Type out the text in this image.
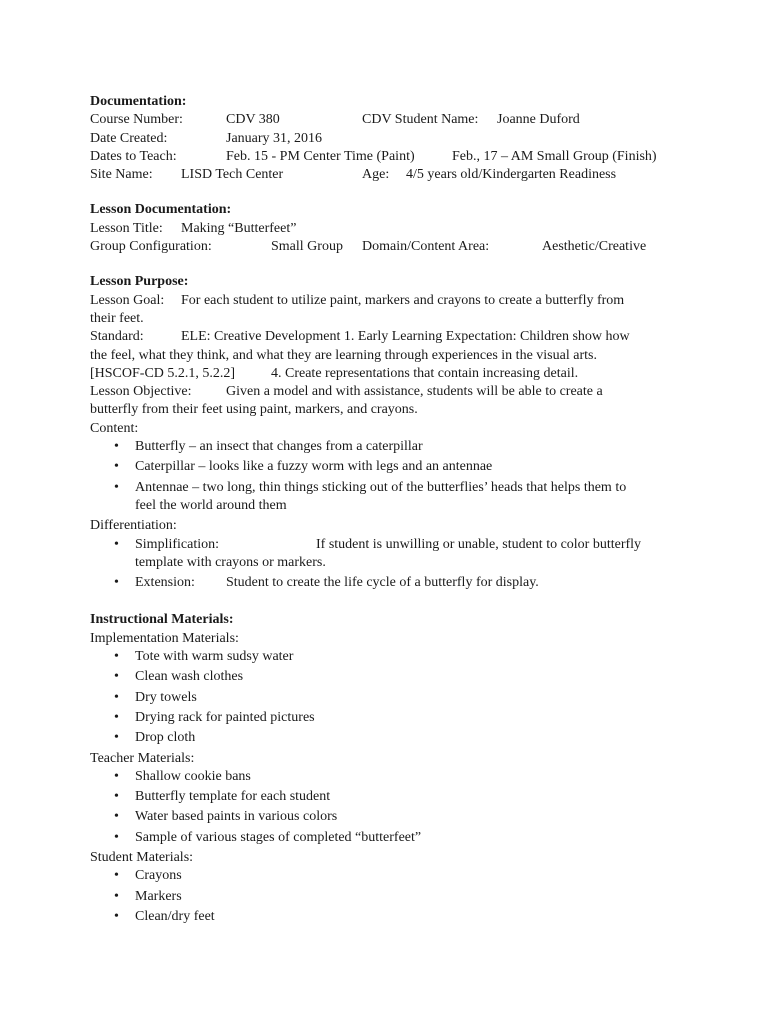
Documentation:
Course Number:	CDV 380	CDV Student Name: Joanne Duford
Date Created:	January 31, 2016
Dates to Teach:	Feb. 15 - PM Center Time (Paint)	Feb., 17 – AM Small Group (Finish)
Site Name: LISD Tech Center	Age: 4/5 years old/Kindergarten Readiness
Lesson Documentation:
Lesson Title: Making “Butterfeet”
Group Configuration:	Small Group Domain/Content Area:	Aesthetic/Creative
Lesson Purpose:
Lesson Goal: For each student to utilize paint, markers and crayons to create a butterfly from
their feet.
Standard:	ELE: Creative Development 1. Early Learning Expectation: Children show how
the feel, what they think, and what they are learning through experiences in the visual arts.
[HSCOF-CD 5.2.1, 5.2.2]	4. Create representations that contain increasing detail.
Lesson Objective: Given a model and with assistance, students will be able to create a
butterfly from their feet using paint, markers, and crayons.
Content:
• Butterfly – an insect that changes from a caterpillar
• Caterpillar – looks like a fuzzy worm with legs and an antennae
• Antennae – two long, thin things sticking out of the butterflies’ heads that helps them to
feel the world around them
Differentiation:
• Simplification:	If student is unwilling or unable, student to color butterfly

template with crayons or markers.
• Extension: Student to create the life cycle of a butterfly for display.
Instructional Materials:
Implementation Materials:
• Tote with warm sudsy water
• Clean wash clothes
• Dry towels
• Drying rack for painted pictures
• Drop cloth
Teacher Materials:
• Shallow cookie bans
• Butterfly template for each student
• Water based paints in various colors
• Sample of various stages of completed “butterfeet”
Student Materials:
• Crayons
• Markers
• Clean/dry feet
